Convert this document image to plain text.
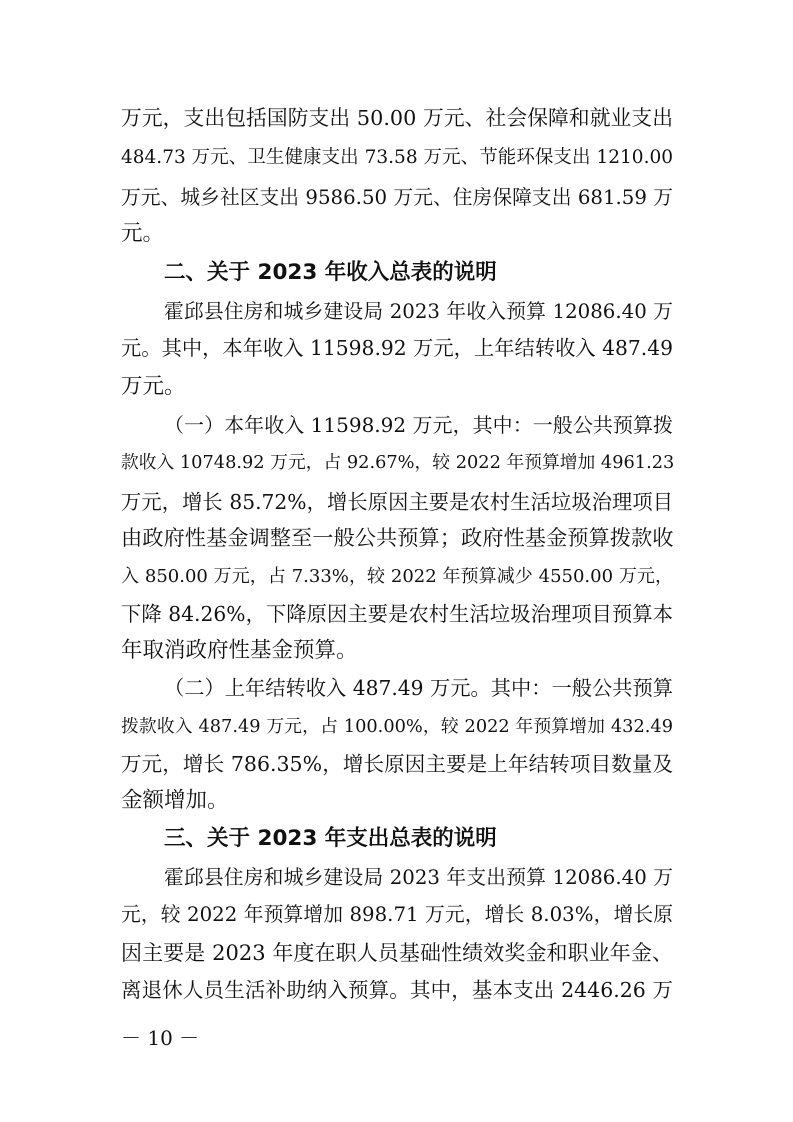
万元，支出包括国防支出 50.00 万元、社会保障和就业支出
484.73 万元、卫生健康支出 73.58 万元、节能环保支出 1210.00
万元、城乡社区支出 9586.50 万元、住房保障支出 681.59 万
元。
二、关于 2023 年收入总表的说明
霍邱县住房和城乡建设局 2023 年收入预算 12086.40 万
元。其中，本年收入 11598.92 万元，上年结转收入 487.49
万元。
（一）本年收入 11598.92 万元，其中：一般公共预算拨
款收入 10748.92 万元，占 92.67%，较 2022 年预算增加 4961.23
万元，增长 85.72%，增长原因主要是农村生活垃圾治理项目
由政府性基金调整至一般公共预算；政府性基金预算拨款收
入 850.00 万元，占 7.33%，较 2022 年预算减少 4550.00 万元，
下降 84.26%，下降原因主要是农村生活垃圾治理项目预算本
年取消政府性基金预算。
（二）上年结转收入 487.49 万元。其中：一般公共预算
拨款收入 487.49 万元，占 100.00%，较 2022 年预算增加 432.49
万元，增长 786.35%，增长原因主要是上年结转项目数量及
金额增加。
三、关于 2023 年支出总表的说明
霍邱县住房和城乡建设局 2023 年支出预算 12086.40 万
元，较 2022 年预算增加 898.71 万元，增长 8.03%，增长原
因主要是 2023 年度在职人员基础性绩效奖金和职业年金、
离退休人员生活补助纳入预算。其中，基本支出 2446.26 万
－ 10 －
